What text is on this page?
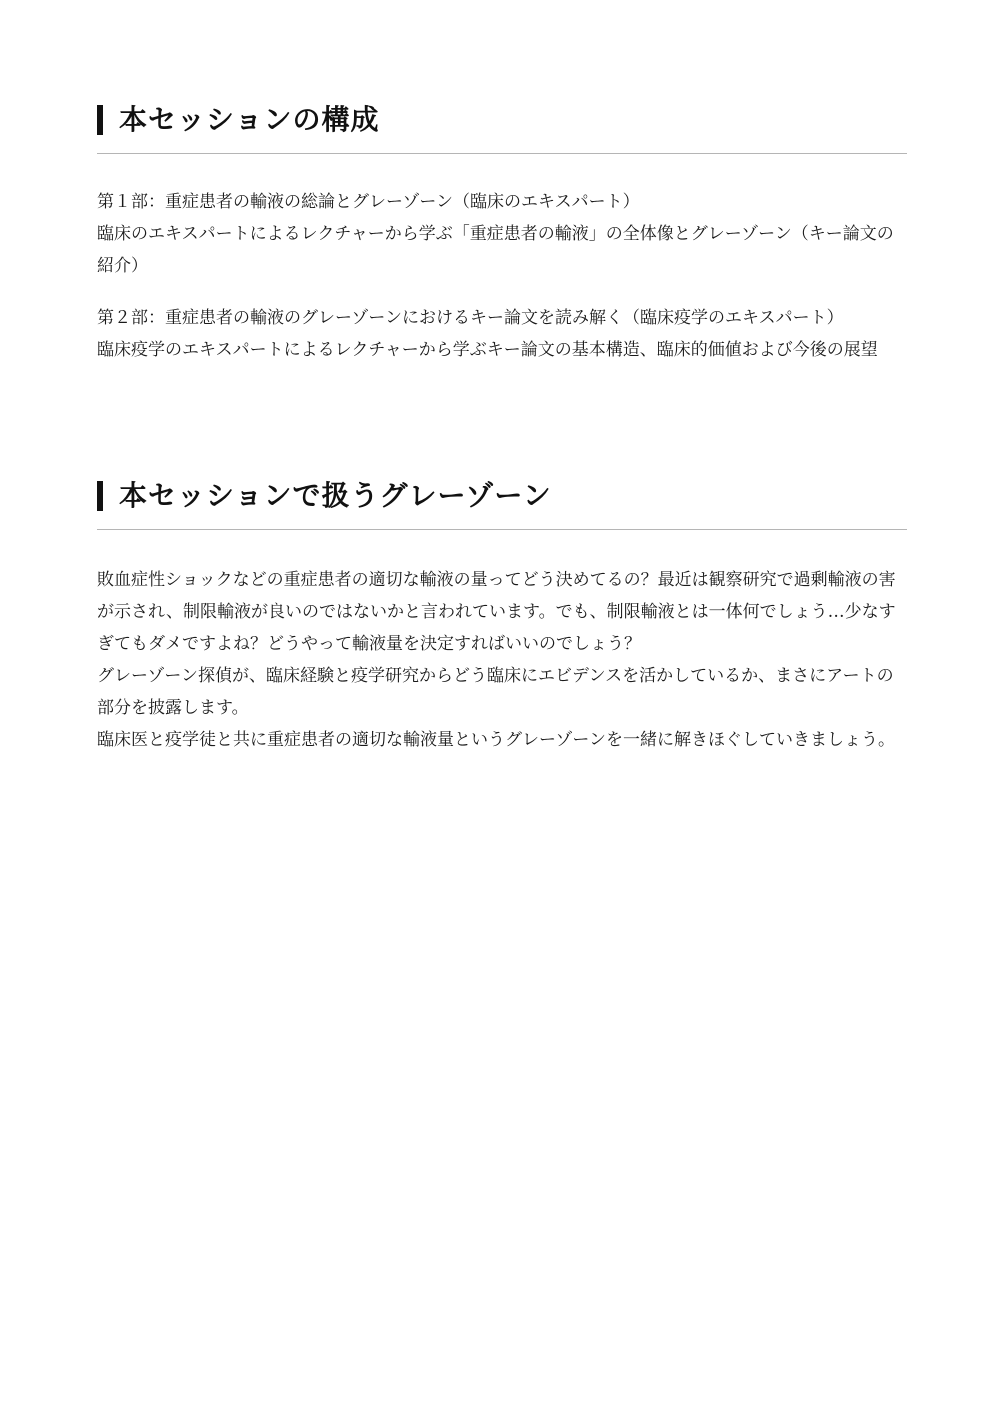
本セッションの構成

第１部：重症患者の輸液の総論とグレーゾーン（臨床のエキスパート）

臨床のエキスパートによるレクチャーから学ぶ「重症患者の輸液」の全体像とグレーゾーン（キー論文の紹介）

第２部：重症患者の輸液のグレーゾーンにおけるキー論文を読み解く（臨床疫学のエキスパート）

臨床疫学のエキスパートによるレクチャーから学ぶキー論文の基本構造、臨床的価値および今後の展望

本セッションで扱うグレーゾーン

敗血症性ショックなどの重症患者の適切な輸液の量ってどう決めてるの？最近は観察研究で過剰輸液の害が示され、制限輸液が良いのではないかと言われています。でも、制限輸液とは一体何でしょう…少なすぎてもダメですよね？どうやって輸液量を決定すればいいのでしょう？

グレーゾーン探偵が、臨床経験と疫学研究からどう臨床にエビデンスを活かしているか、まさにアートの部分を披露します。

臨床医と疫学徒と共に重症患者の適切な輸液量というグレーゾーンを一緒に解きほぐしていきましょう。
